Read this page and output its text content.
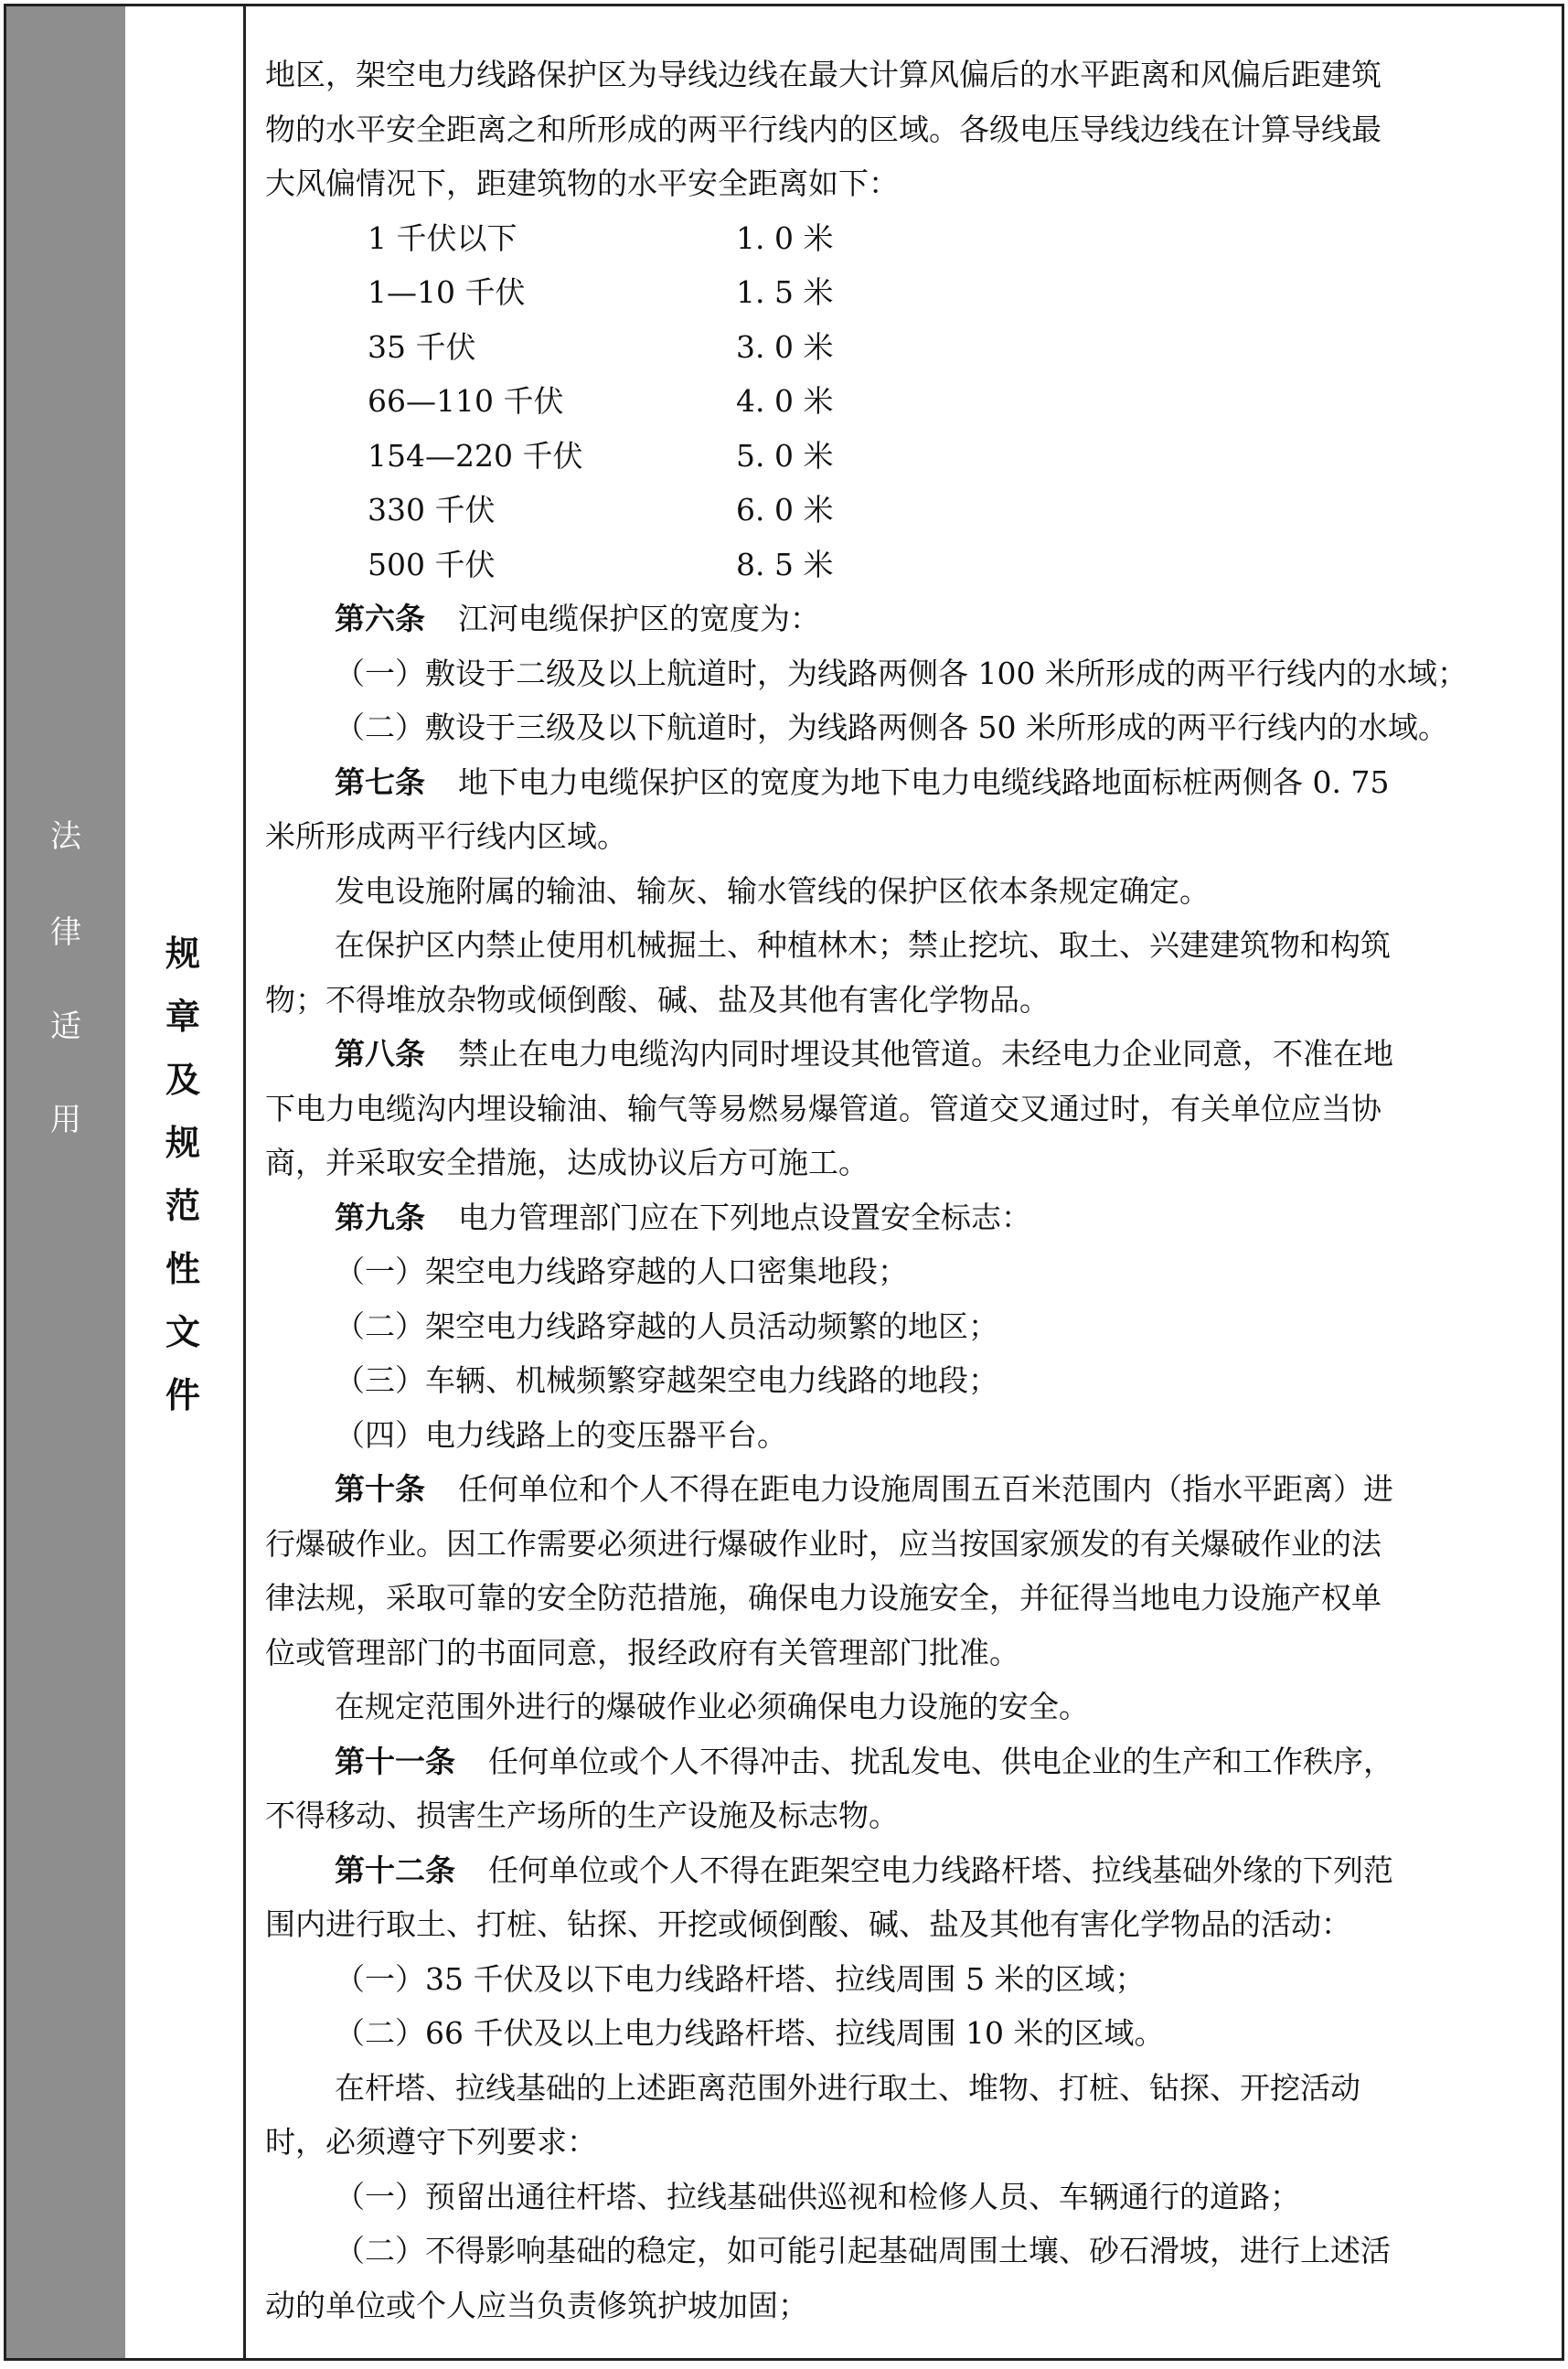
法
律
适
用
规
章
及
规
范
性
文
件
地区，架空电力线路保护区为导线边线在最大计算风偏后的水平距离和风偏后距建筑
物的水平安全距离之和所形成的两平行线内的区域。各级电压导线边线在计算导线最
大风偏情况下，距建筑物的水平安全距离如下：
1 千伏以下	1. 0 米
1—10 千伏	1. 5 米
35 千伏	3. 0 米
66—110 千伏	4. 0 米
154—220 千伏	5. 0 米
330 千伏	6. 0 米
500 千伏	8. 5 米
第六条 江河电缆保护区的宽度为：
（一）敷设于二级及以上航道时，为线路两侧各 100 米所形成的两平行线内的水域；
（二）敷设于三级及以下航道时，为线路两侧各 50 米所形成的两平行线内的水域。
第七条 地下电力电缆保护区的宽度为地下电力电缆线路地面标桩两侧各 0. 75
米所形成两平行线内区域。
发电设施附属的输油、输灰、输水管线的保护区依本条规定确定。
在保护区内禁止使用机械掘土、种植林木；禁止挖坑、取土、兴建建筑物和构筑
物；不得堆放杂物或倾倒酸、碱、盐及其他有害化学物品。
第八条 禁止在电力电缆沟内同时埋设其他管道。未经电力企业同意，不准在地
下电力电缆沟内埋设输油、输气等易燃易爆管道。管道交叉通过时，有关单位应当协
商，并采取安全措施，达成协议后方可施工。
第九条 电力管理部门应在下列地点设置安全标志：
（一）架空电力线路穿越的人口密集地段；
（二）架空电力线路穿越的人员活动频繁的地区；
（三）车辆、机械频繁穿越架空电力线路的地段；
（四）电力线路上的变压器平台。
第十条 任何单位和个人不得在距电力设施周围五百米范围内（指水平距离）进
行爆破作业。因工作需要必须进行爆破作业时，应当按国家颁发的有关爆破作业的法
律法规，采取可靠的安全防范措施，确保电力设施安全，并征得当地电力设施产权单
位或管理部门的书面同意，报经政府有关管理部门批准。
在规定范围外进行的爆破作业必须确保电力设施的安全。
第十一条 任何单位或个人不得冲击、扰乱发电、供电企业的生产和工作秩序，
不得移动、损害生产场所的生产设施及标志物。
第十二条 任何单位或个人不得在距架空电力线路杆塔、拉线基础外缘的下列范
围内进行取土、打桩、钻探、开挖或倾倒酸、碱、盐及其他有害化学物品的活动：
（一）35 千伏及以下电力线路杆塔、拉线周围 5 米的区域；
（二）66 千伏及以上电力线路杆塔、拉线周围 10 米的区域。
在杆塔、拉线基础的上述距离范围外进行取土、堆物、打桩、钻探、开挖活动
时，必须遵守下列要求：
（一）预留出通往杆塔、拉线基础供巡视和检修人员、车辆通行的道路；
（二）不得影响基础的稳定，如可能引起基础周围土壤、砂石滑坡，进行上述活
动的单位或个人应当负责修筑护坡加固；
